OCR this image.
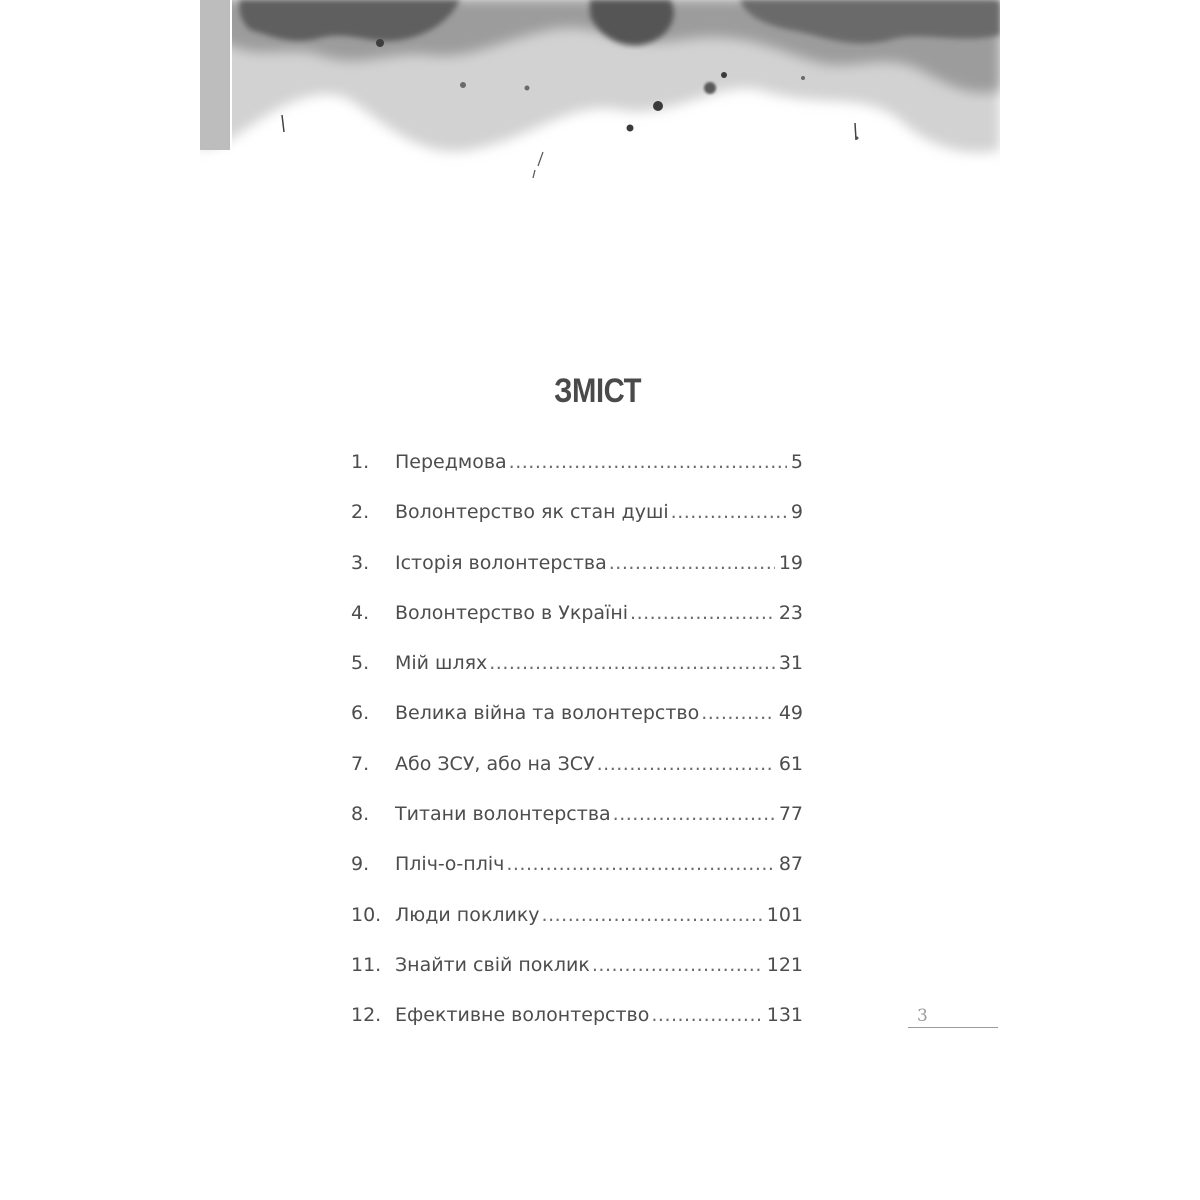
ЗМІСТ
1.	Передмова .....	5
2.	Волонтерство як стан душі .....	9
3.	Історія волонтерства .....	19
4.	Волонтерство в Україні .....	23
5.	Мій шлях .....	31
6.	Велика війна та волонтерство .....	49
7.	Або ЗСУ, або на ЗСУ .....	61
8.	Титани волонтерства .....	77
9.	Пліч-о-пліч .....	87
10. Люди поклику .....	101
11. Знайти свій поклик .....	121
12. Ефективне волонтерство .....	131	3
